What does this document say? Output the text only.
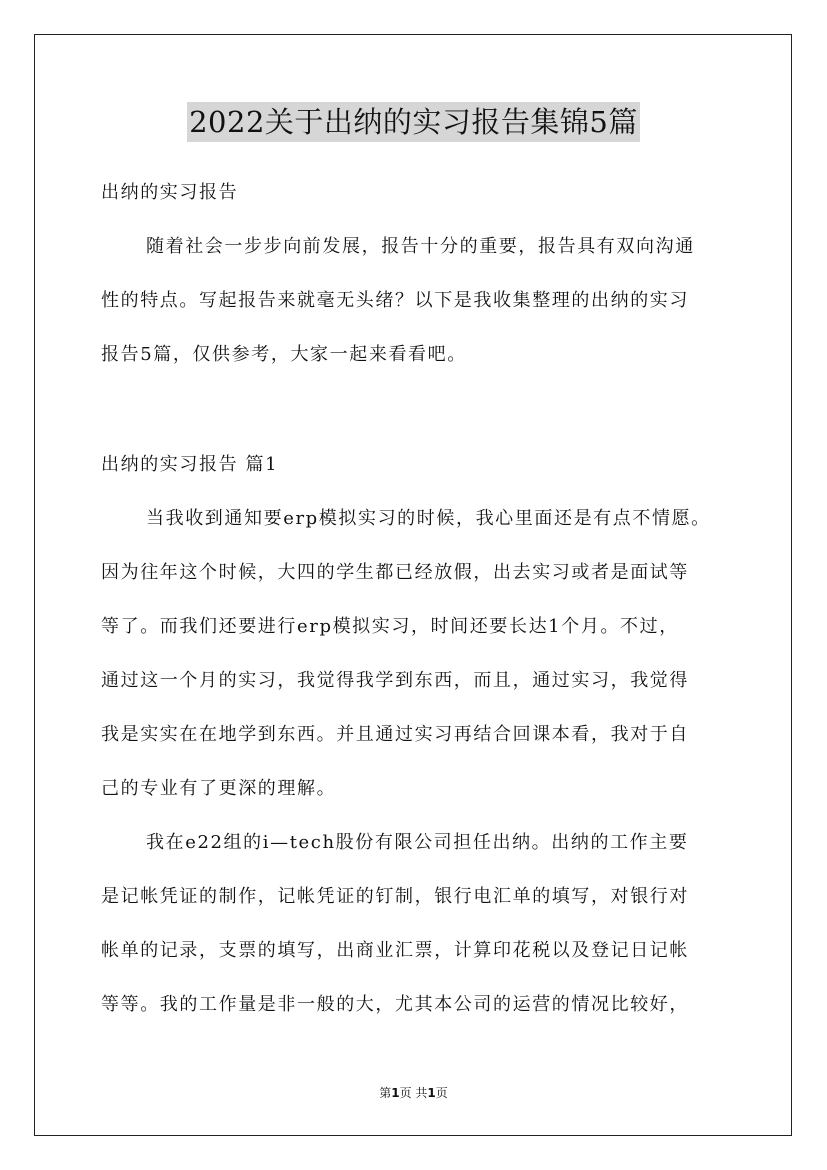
2022关于出纳的实习报告集锦5篇
出纳的实习报告
随着社会一步步向前发展，报告十分的重要，报告具有双向沟通
性的特点。写起报告来就毫无头绪？以下是我收集整理的出纳的实习
报告5篇，仅供参考，大家一起来看看吧。
出纳的实习报告 篇1
当我收到通知要erp模拟实习的时候，我心里面还是有点不情愿。
因为往年这个时候，大四的学生都已经放假，出去实习或者是面试等
等了。而我们还要进行erp模拟实习，时间还要长达1个月。不过，
通过这一个月的实习，我觉得我学到东西，而且，通过实习，我觉得
我是实实在在地学到东西。并且通过实习再结合回课本看，我对于自
己的专业有了更深的理解。
我在e22组的i—tech股份有限公司担任出纳。出纳的工作主要
是记帐凭证的制作，记帐凭证的钉制，银行电汇单的填写，对银行对
帐单的记录，支票的填写，出商业汇票，计算印花税以及登记日记帐
等等。我的工作量是非一般的大，尤其本公司的运营的情况比较好，
第1页 共1页
